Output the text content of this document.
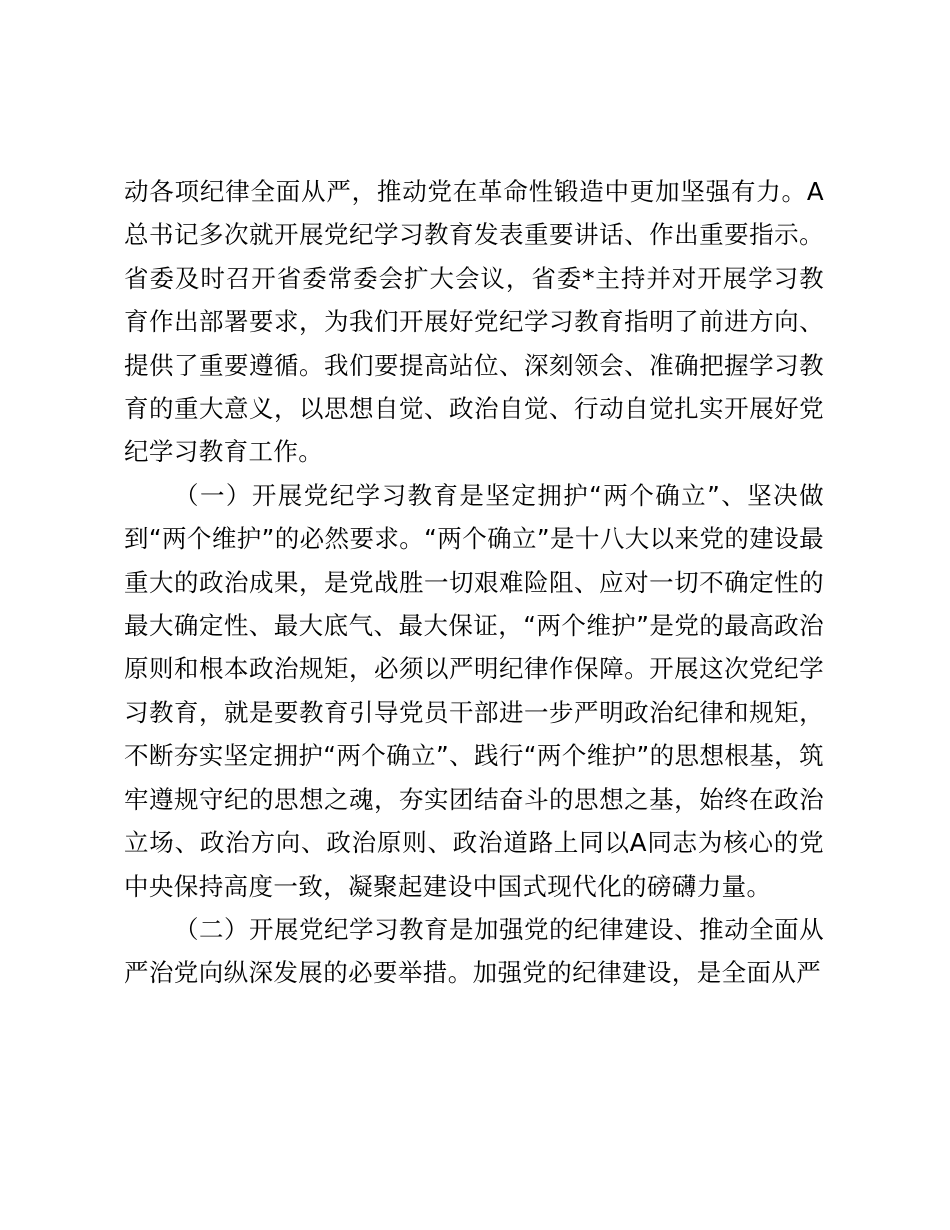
动各项纪律全面从严，推动党在革命性锻造中更加坚强有力。A总书记多次就开展党纪学习教育发表重要讲话、作出重要指示。省委及时召开省委常委会扩大会议，省委*主持并对开展学习教育作出部署要求，为我们开展好党纪学习教育指明了前进方向、提供了重要遵循。我们要提高站位、深刻领会、准确把握学习教育的重大意义，以思想自觉、政治自觉、行动自觉扎实开展好党纪学习教育工作。

（一）开展党纪学习教育是坚定拥护“两个确立”、坚决做到“两个维护”的必然要求。“两个确立”是十八大以来党的建设最重大的政治成果，是党战胜一切艰难险阻、应对一切不确定性的最大确定性、最大底气、最大保证，“两个维护”是党的最高政治原则和根本政治规矩，必须以严明纪律作保障。开展这次党纪学习教育，就是要教育引导党员干部进一步严明政治纪律和规矩，不断夯实坚定拥护“两个确立”、践行“两个维护”的思想根基，筑牢遵规守纪的思想之魂，夯实团结奋斗的思想之基，始终在政治立场、政治方向、政治原则、政治道路上同以A同志为核心的党中央保持高度一致，凝聚起建设中国式现代化的磅礴力量。

（二）开展党纪学习教育是加强党的纪律建设、推动全面从严治党向纵深发展的必要举措。加强党的纪律建设，是全面从严
